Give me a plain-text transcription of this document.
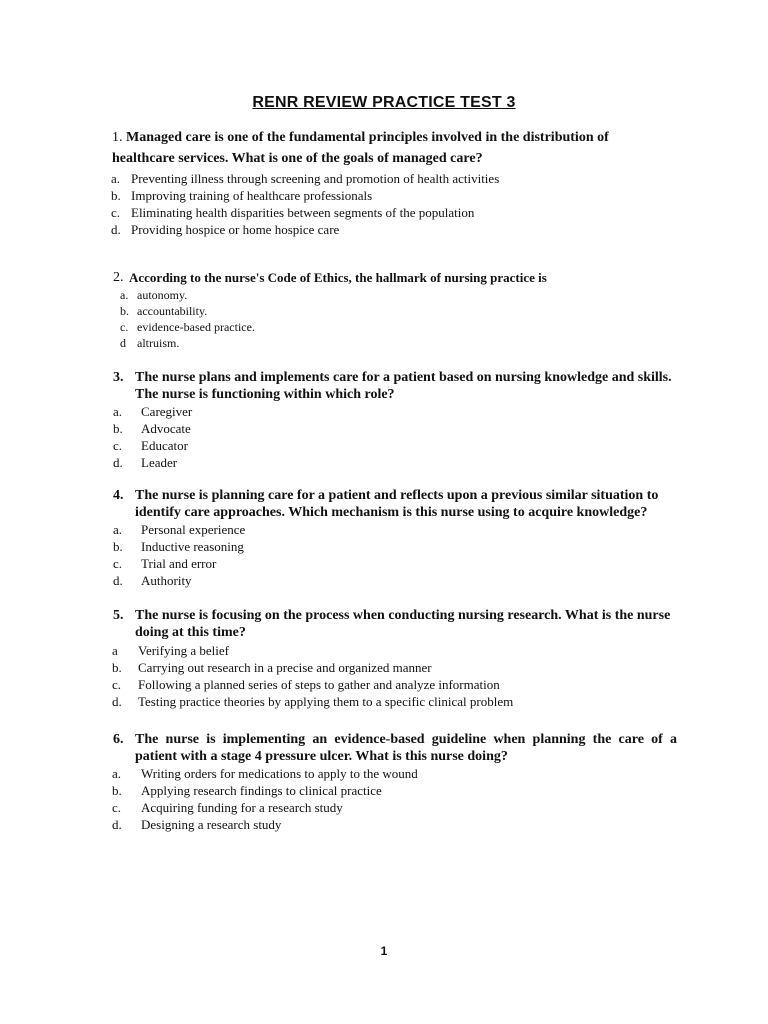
RENR REVIEW PRACTICE TEST 3
1. Managed care is one of the fundamental principles involved in the distribution of healthcare services. What is one of the goals of managed care?
a. Preventing illness through screening and promotion of health activities
b. Improving training of healthcare professionals
c. Eliminating health disparities between segments of the population
d. Providing hospice or home hospice care
2. According to the nurse's Code of Ethics, the hallmark of nursing practice is
a. autonomy.
b. accountability.
c. evidence-based practice.
d altruism.
3. The nurse plans and implements care for a patient based on nursing knowledge and skills. The nurse is functioning within which role?
a. Caregiver
b. Advocate
c. Educator
d. Leader
4. The nurse is planning care for a patient and reflects upon a previous similar situation to identify care approaches. Which mechanism is this nurse using to acquire knowledge?
a. Personal experience
b. Inductive reasoning
c. Trial and error
d. Authority
5. The nurse is focusing on the process when conducting nursing research. What is the nurse doing at this time?
a Verifying a belief
b. Carrying out research in a precise and organized manner
c. Following a planned series of steps to gather and analyze information
d. Testing practice theories by applying them to a specific clinical problem
6. The nurse is implementing an evidence-based guideline when planning the care of a patient with a stage 4 pressure ulcer. What is this nurse doing?
a. Writing orders for medications to apply to the wound
b. Applying research findings to clinical practice
c. Acquiring funding for a research study
d. Designing a research study
1
